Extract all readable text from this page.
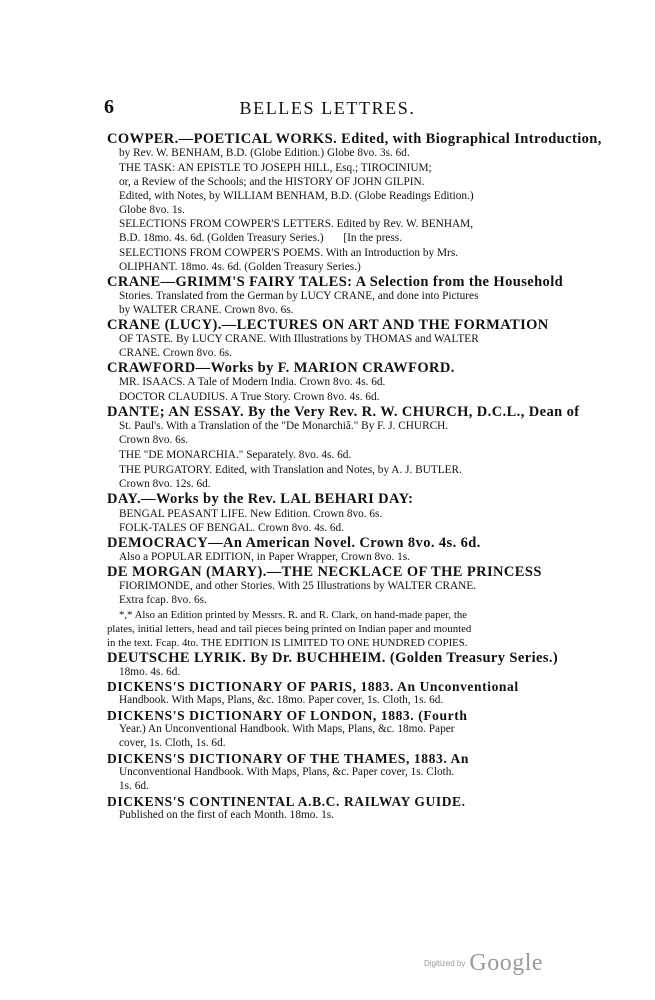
6	BELLES LETTRES.
COWPER.—POETICAL WORKS. Edited, with Biographical Introduction,
by Rev. W. BENHAM, B.D. (Globe Edition.) Globe 8vo. 3s. 6d.
THE TASK: AN EPISTLE TO JOSEPH HILL, Esq.; TIROCINIUM;
or, a Review of the Schools; and the HISTORY OF JOHN GILPIN.
Edited, with Notes, by WILLIAM BENHAM, B.D. (Globe Readings Edition.)
Globe 8vo. 1s.
SELECTIONS FROM COWPER'S LETTERS. Edited by Rev. W. BENHAM,
B.D. 18mo. 4s. 6d. (Golden Treasury Series.)       [In the press.
SELECTIONS FROM COWPER'S POEMS. With an Introduction by Mrs.
OLIPHANT. 18mo. 4s. 6d. (Golden Treasury Series.)
CRANE—GRIMM'S FAIRY TALES: A Selection from the Household
Stories. Translated from the German by LUCY CRANE, and done into Pictures
by WALTER CRANE. Crown 8vo. 6s.
CRANE (LUCY).—LECTURES ON ART AND THE FORMATION
OF TASTE. By LUCY CRANE. With Illustrations by THOMAS and WALTER
CRANE. Crown 8vo. 6s.
CRAWFORD—Works by F. MARION CRAWFORD.
MR. ISAACS. A Tale of Modern India. Crown 8vo. 4s. 6d.
DOCTOR CLAUDIUS. A True Story. Crown 8vo. 4s. 6d.
DANTE; AN ESSAY. By the Very Rev. R. W. CHURCH, D.C.L., Dean of
St. Paul's. With a Translation of the "De Monarchiâ." By F. J. CHURCH.
Crown 8vo. 6s.
THE "DE MONARCHIA." Separately. 8vo. 4s. 6d.
THE PURGATORY. Edited, with Translation and Notes, by A. J. BUTLER.
Crown 8vo. 12s. 6d.
DAY.—Works by the Rev. LAL BEHARI DAY:
BENGAL PEASANT LIFE. New Edition. Crown 8vo. 6s.
FOLK-TALES OF BENGAL. Crown 8vo. 4s. 6d.
DEMOCRACY—An American Novel. Crown 8vo. 4s. 6d.
Also a POPULAR EDITION, in Paper Wrapper, Crown 8vo. 1s.
DE MORGAN (MARY).—THE NECKLACE OF THE PRINCESS
FIORIMONDE, and other Stories. With 25 Illustrations by WALTER CRANE.
Extra fcap. 8vo. 6s.
*,* Also an Edition printed by Messrs. R. and R. Clark, on hand-made paper, the
plates, initial letters, head and tail pieces being printed on Indian paper and mounted
in the text. Fcap. 4to. THE EDITION IS LIMITED TO ONE HUNDRED COPIES.
DEUTSCHE LYRIK. By Dr. BUCHHEIM. (Golden Treasury Series.)
18mo. 4s. 6d.
DICKENS'S DICTIONARY OF PARIS, 1883. An Unconventional
Handbook. With Maps, Plans, &c. 18mo. Paper cover, 1s. Cloth, 1s. 6d.
DICKENS'S DICTIONARY OF LONDON, 1883. (Fourth
Year.) An Unconventional Handbook. With Maps, Plans, &c. 18mo. Paper
cover, 1s. Cloth, 1s. 6d.
DICKENS'S DICTIONARY OF THE THAMES, 1883. An
Unconventional Handbook. With Maps, Plans, &c. Paper cover, 1s. Cloth.
1s. 6d.
DICKENS'S CONTINENTAL A.B.C. RAILWAY GUIDE.
Published on the first of each Month. 18mo. 1s.
Digitized by Google
